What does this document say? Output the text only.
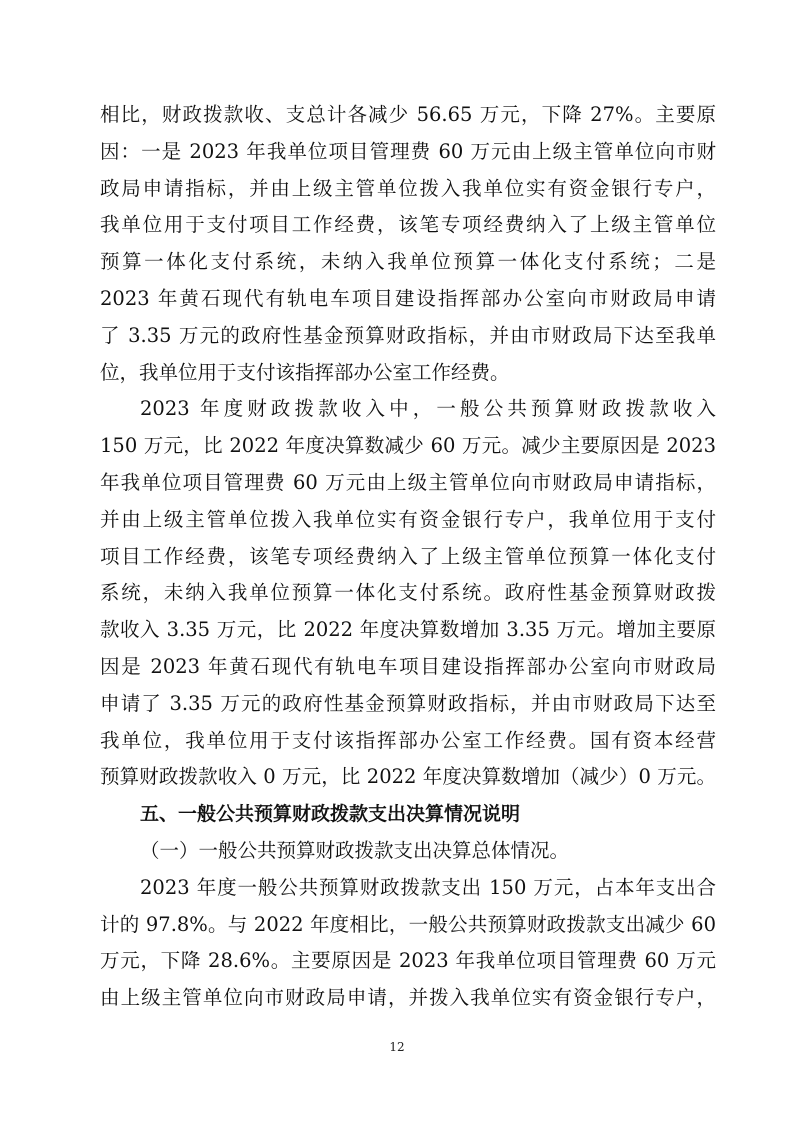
相比，财政拨款收、支总计各减少 56.65 万元，下降 27%。主要原
因：一是 2023 年我单位项目管理费 60 万元由上级主管单位向市财
政局申请指标，并由上级主管单位拨入我单位实有资金银行专户，
我单位用于支付项目工作经费，该笔专项经费纳入了上级主管单位
预算一体化支付系统，未纳入我单位预算一体化支付系统；二是
2023 年黄石现代有轨电车项目建设指挥部办公室向市财政局申请
了 3.35 万元的政府性基金预算财政指标，并由市财政局下达至我单
位，我单位用于支付该指挥部办公室工作经费。
2023 年度财政拨款收入中，一般公共预算财政拨款收入
150 万元，比 2022 年度决算数减少 60 万元。减少主要原因是 2023
年我单位项目管理费 60 万元由上级主管单位向市财政局申请指标，
并由上级主管单位拨入我单位实有资金银行专户，我单位用于支付
项目工作经费，该笔专项经费纳入了上级主管单位预算一体化支付
系统，未纳入我单位预算一体化支付系统。政府性基金预算财政拨
款收入 3.35 万元，比 2022 年度决算数增加 3.35 万元。增加主要原
因是 2023 年黄石现代有轨电车项目建设指挥部办公室向市财政局
申请了 3.35 万元的政府性基金预算财政指标，并由市财政局下达至
我单位，我单位用于支付该指挥部办公室工作经费。国有资本经营
预算财政拨款收入 0 万元，比 2022 年度决算数增加（减少）0 万元。
五、一般公共预算财政拨款支出决算情况说明
（一）一般公共预算财政拨款支出决算总体情况。
2023 年度一般公共预算财政拨款支出 150 万元，占本年支出合
计的 97.8%。与 2022 年度相比，一般公共预算财政拨款支出减少 60
万元，下降 28.6%。主要原因是 2023 年我单位项目管理费 60 万元
由上级主管单位向市财政局申请，并拨入我单位实有资金银行专户，
12
